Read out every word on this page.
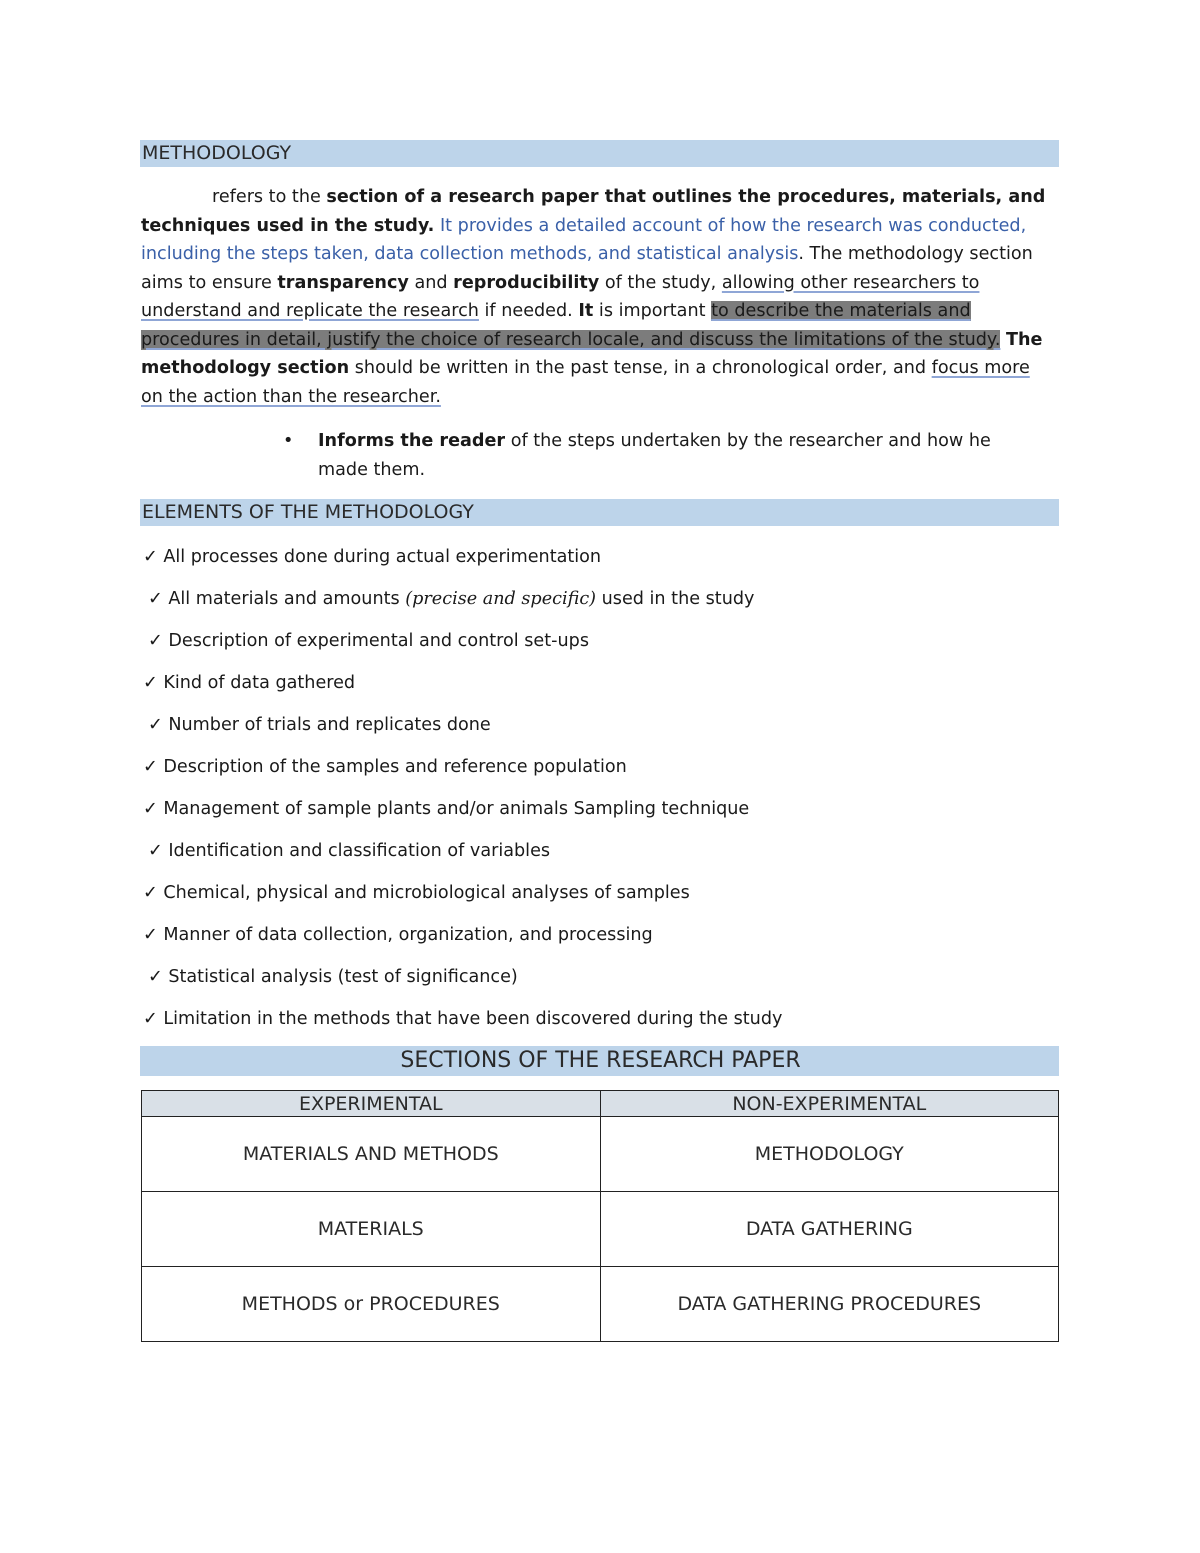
METHODOLOGY
refers to the section of a research paper that outlines the procedures, materials, and techniques used in the study. It provides a detailed account of how the research was conducted, including the steps taken, data collection methods, and statistical analysis. The methodology section aims to ensure transparency and reproducibility of the study, allowing other researchers to understand and replicate the research if needed. It is important to describe the materials and procedures in detail, justify the choice of research locale, and discuss the limitations of the study. The methodology section should be written in the past tense, in a chronological order, and focus more on the action than the researcher.
• Informs the reader of the steps undertaken by the researcher and how he made them.
ELEMENTS OF THE METHODOLOGY
✓ All processes done during actual experimentation
✓ All materials and amounts (precise and specific) used in the study
✓ Description of experimental and control set-ups
✓ Kind of data gathered
✓ Number of trials and replicates done
✓ Description of the samples and reference population
✓ Management of sample plants and/or animals Sampling technique
✓ Identification and classification of variables
✓ Chemical, physical and microbiological analyses of samples
✓ Manner of data collection, organization, and processing
✓ Statistical analysis (test of significance)
✓ Limitation in the methods that have been discovered during the study
SECTIONS OF THE RESEARCH PAPER
EXPERIMENTAL	NON-EXPERIMENTAL
MATERIALS AND METHODS	METHODOLOGY
MATERIALS	DATA GATHERING
METHODS or PROCEDURES	DATA GATHERING PROCEDURES
